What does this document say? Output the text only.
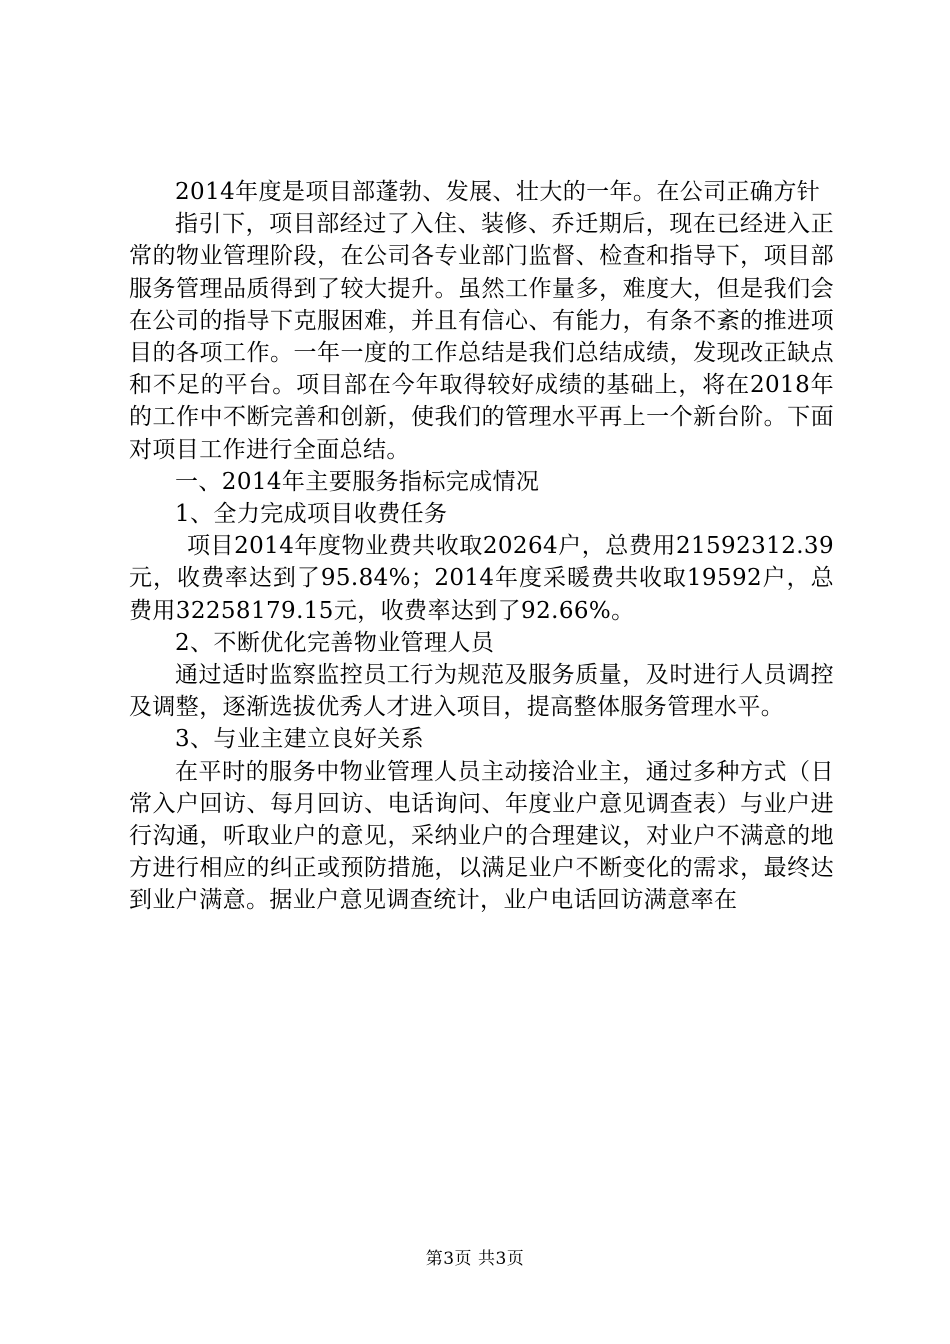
2014年度是项目部蓬勃、发展、壮大的一年。在公司正确方针

指引下，项目部经过了入住、装修、乔迁期后，现在已经进入正常的物业管理阶段，在公司各专业部门监督、检查和指导下，项目部服务管理品质得到了较大提升。虽然工作量多，难度大，但是我们会在公司的指导下克服困难，并且有信心、有能力，有条不紊的推进项目的各项工作。一年一度的工作总结是我们总结成绩，发现改正缺点和不足的平台。项目部在今年取得较好成绩的基础上，将在2018年的工作中不断完善和创新，使我们的管理水平再上一个新台阶。下面对项目工作进行全面总结。

一、2014年主要服务指标完成情况

1、全力完成项目收费任务

项目2014年度物业费共收取20264户，总费用21592312.39元，收费率达到了95.84%；2014年度采暖费共收取19592户，总费用32258179.15元，收费率达到了92.66%。

2、不断优化完善物业管理人员

通过适时监察监控员工行为规范及服务质量，及时进行人员调控及调整，逐渐选拔优秀人才进入项目，提高整体服务管理水平。

3、与业主建立良好关系

在平时的服务中物业管理人员主动接洽业主，通过多种方式（日常入户回访、每月回访、电话询问、年度业户意见调查表）与业户进行沟通，听取业户的意见，采纳业户的合理建议，对业户不满意的地方进行相应的纠正或预防措施，以满足业户不断变化的需求，最终达到业户满意。据业户意见调查统计，业户电话回访满意率在

第3页 共3页
